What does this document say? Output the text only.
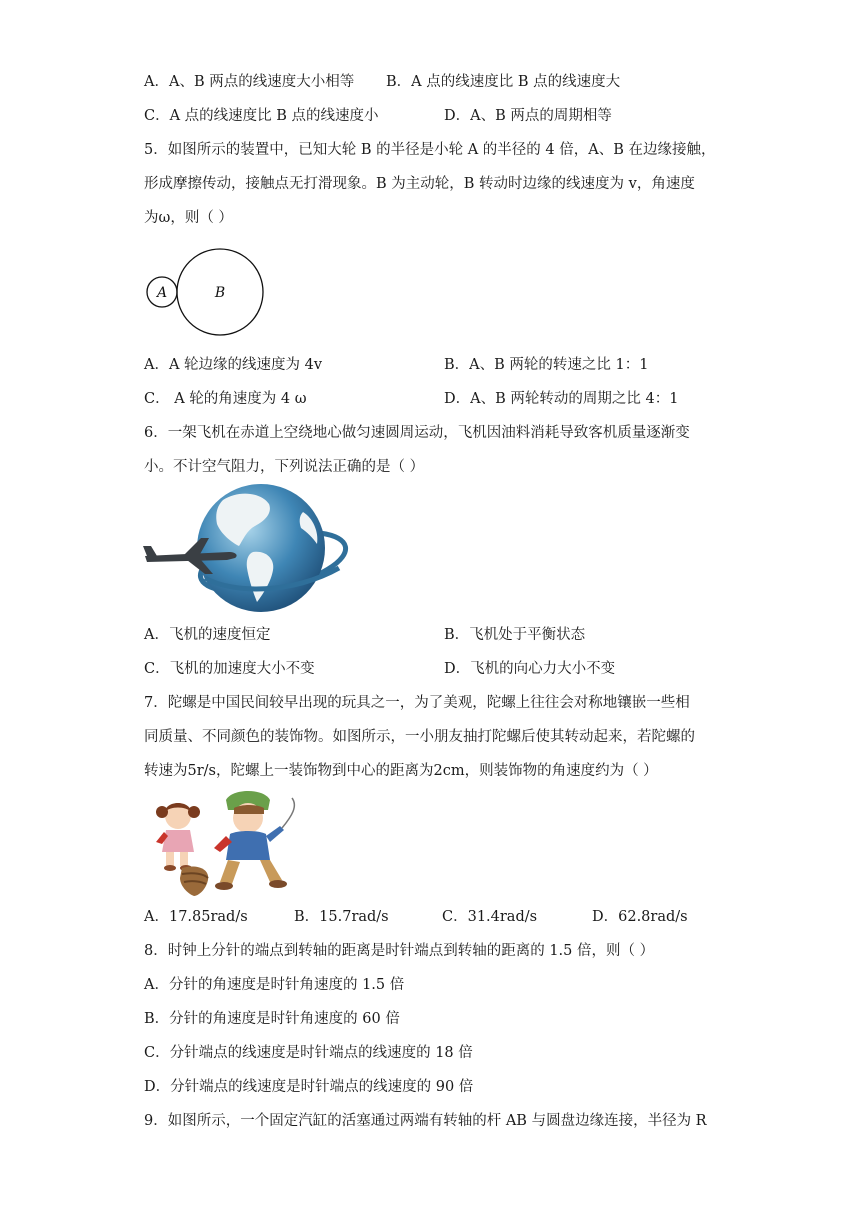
A．A、B 两点的线速度大小相等 B．A 点的线速度比 B 点的线速度大
C．A 点的线速度比 B 点的线速度小	D．A、B 两点的周期相等
5．如图所示的装置中，已知大轮 B 的半径是小轮 A 的半径的 4 倍，A、B 在边缘接触，
形成摩擦传动，接触点无打滑现象。B 为主动轮，B 转动时边缘的线速度为 v，角速度
为ω，则（ ）
A	B
A．A 轮边缘的线速度为 4v	B．A、B 两轮的转速之比 1：1
C． A 轮的角速度为 4 ω	D．A、B 两轮转动的周期之比 4：1
6．一架飞机在赤道上空绕地心做匀速圆周运动，飞机因油料消耗导致客机质量逐渐变
小。不计空气阻力，下列说法正确的是（ ）
A．飞机的速度恒定	B．飞机处于平衡状态
C．飞机的加速度大小不变	D．飞机的向心力大小不变
7．陀螺是中国民间较早出现的玩具之一，为了美观，陀螺上往往会对称地镶嵌一些相
同质量、不同颜色的装饰物。如图所示，一小朋友抽打陀螺后使其转动起来，若陀螺的
转速为5r/s，陀螺上一装饰物到中心的距离为2cm，则装饰物的角速度约为（ ）
A．17.85rad/s	B．15.7rad/s	C．31.4rad/s	D．62.8rad/s
8．时钟上分针的端点到转轴的距离是时针端点到转轴的距离的 1.5 倍，则（ ）
A．分针的角速度是时针角速度的 1.5 倍
B．分针的角速度是时针角速度的 60 倍
C．分针端点的线速度是时针端点的线速度的 18 倍
D．分针端点的线速度是时针端点的线速度的 90 倍
9．如图所示，一个固定汽缸的活塞通过两端有转轴的杆 AB 与圆盘边缘连接，半径为 R
